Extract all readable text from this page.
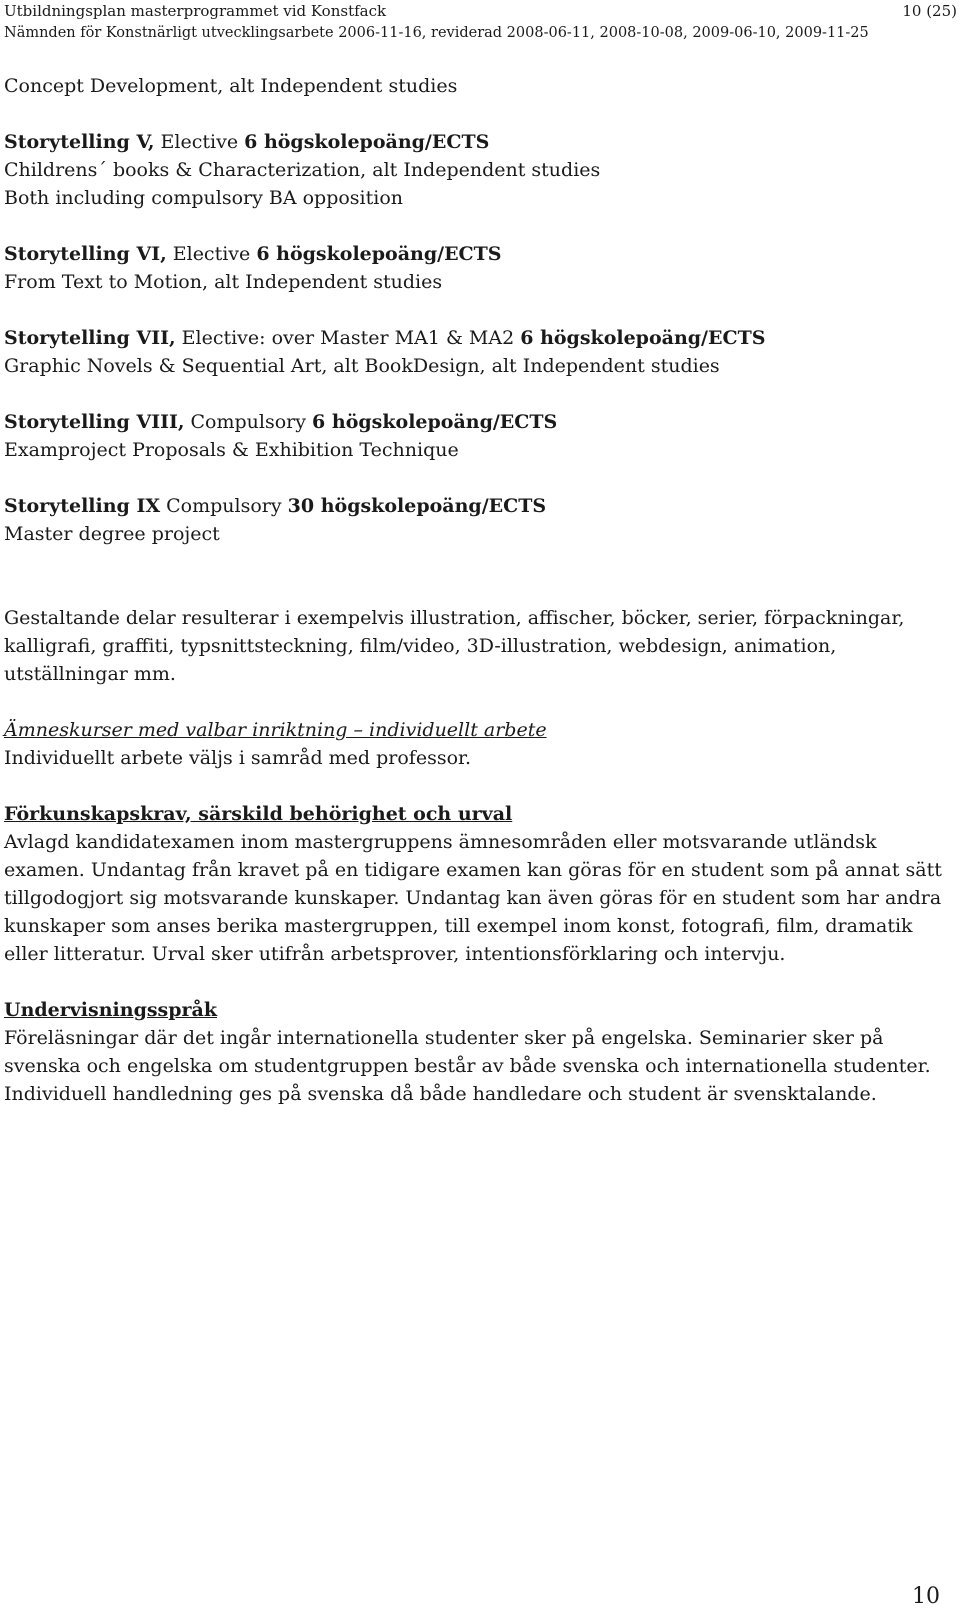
Utbildningsplan masterprogrammet vid Konstfack	10 (25)
Nämnden för Konstnärligt utvecklingsarbete 2006-11-16, reviderad 2008-06-11, 2008-10-08, 2009-06-10, 2009-11-25

Concept Development, alt Independent studies

Storytelling V, Elective 6 högskolepoäng/ECTS

Childrens´ books & Characterization, alt Independent studies

Both including compulsory BA opposition

Storytelling VI, Elective 6 högskolepoäng/ECTS

From Text to Motion, alt Independent studies

Storytelling VII, Elective: over Master MA1 & MA2 6 högskolepoäng/ECTS

Graphic Novels & Sequential Art, alt BookDesign, alt Independent studies

Storytelling VIII, Compulsory 6 högskolepoäng/ECTS

Examproject Proposals & Exhibition Technique

Storytelling IX Compulsory 30 högskolepoäng/ECTS

Master degree project

Gestaltande delar resulterar i exempelvis illustration, affischer, böcker, serier, förpackningar, kalligrafi, graffiti, typsnittsteckning, film/video, 3D-illustration, webdesign, animation, utställningar mm.

Ämneskurser med valbar inriktning – individuellt arbete

Individuellt arbete väljs i samråd med professor.

Förkunskapskrav, särskild behörighet och urval

Avlagd kandidatexamen inom mastergruppens ämnesområden eller motsvarande utländsk examen. Undantag från kravet på en tidigare examen kan göras för en student som på annat sätt tillgodogjort sig motsvarande kunskaper. Undantag kan även göras för en student som har andra kunskaper som anses berika mastergruppen, till exempel inom konst, fotografi, film, dramatik eller litteratur. Urval sker utifrån arbetsprover, intentionsförklaring och intervju.

Undervisningsspråk

Föreläsningar där det ingår internationella studenter sker på engelska. Seminarier sker på svenska och engelska om studentgruppen består av både svenska och internationella studenter. Individuell handledning ges på svenska då både handledare och student är svensktalande.

10
